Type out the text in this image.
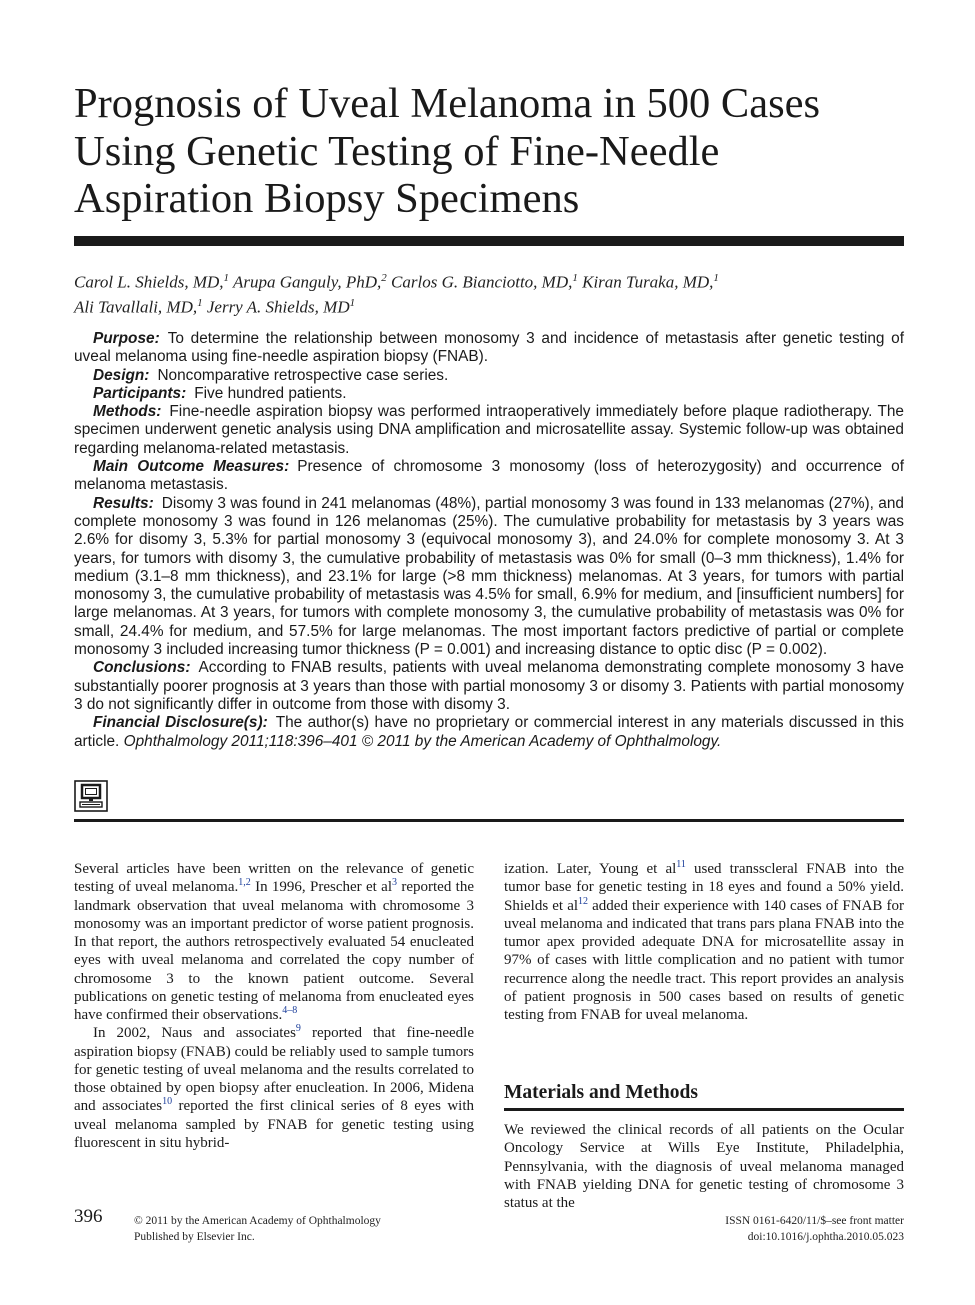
Prognosis of Uveal Melanoma in 500 Cases
Using Genetic Testing of Fine-Needle
Aspiration Biopsy Specimens
Carol L. Shields, MD,$^1$ Arupa Ganguly, PhD,$^2$ Carlos G. Bianciotto, MD,$^1$ Kiran Turaka, MD,$^1$
Ali Tavallali, MD,$^1$ Jerry A. Shields, $MD^1$

Purpose: To determine the relationship between monosomy 3 and incidence of metastasis after genetic testing of uveal melanoma using fine-needle aspiration biopsy (FNAB).

Design: Noncomparative retrospective case series.

Participants: Five hundred patients.

Methods: Fine-needle aspiration biopsy was performed intraoperatively immediately before plaque radiotherapy. The specimen underwent genetic analysis using DNA amplification and microsatellite assay. Systemic follow-up was obtained regarding melanoma-related metastasis.

Main Outcome Measures: Presence of chromosome 3 monosomy (loss of heterozygosity) and occurrence of melanoma metastasis.

Results: Disomy 3 was found in 241 melanomas (48%), partial monosomy 3 was found in 133 melanomas (27%), and complete monosomy 3 was found in 126 melanomas (25%). The cumulative probability for metastasis by 3 years was 2.6% for disomy 3, 5.3% for partial monosomy 3 (equivocal monosomy 3), and 24.0% for complete monosomy 3. At 3 years, for tumors with disomy 3, the cumulative probability of metastasis was 0% for small (0–3 mm thickness), 1.4% for medium (3.1–8 mm thickness), and 23.1% for large (>8 mm thickness) melanomas. At 3 years, for tumors with partial monosomy 3, the cumulative probability of metastasis was 4.5% for small, 6.9% for medium, and [insufficient numbers] for large melanomas. At 3 years, for tumors with complete monosomy 3, the cumulative probability of metastasis was 0% for small, 24.4% for medium, and 57.5% for large melanomas. The most important factors predictive of partial or complete monosomy 3 included increasing tumor thickness (P = 0.001) and increasing distance to optic disc (P = 0.002).

Conclusions: According to FNAB results, patients with uveal melanoma demonstrating complete monosomy 3 have substantially poorer prognosis at 3 years than those with partial monosomy 3 or disomy 3. Patients with partial monosomy 3 do not significantly differ in outcome from those with disomy 3.

Financial Disclosure(s): The author(s) have no proprietary or commercial interest in any materials discussed in this article. Ophthalmology 2011;118:396–401 © 2011 by the American Academy of Ophthalmology.

Several articles have been written on the relevance of genetic testing of uveal melanoma.$^{1,2}$ In 1996, Prescher et $al^3$ reported the landmark observation that uveal melanoma with chromosome 3 monosomy was an important predictor of worse patient prognosis. In that report, the authors retrospectively evaluated 54 enucleated eyes with uveal melanoma and correlated the copy number of chromosome 3 to the known patient outcome. Several publications on genetic testing of melanoma from enucleated eyes have confirmed their observations.$^{4-8}$

In 2002, Naus and associates$^9$ reported that fine-needle aspiration biopsy (FNAB) could be reliably used to sample tumors for genetic testing of uveal melanoma and the results correlated to those obtained by open biopsy after enucleation. In 2006, Midena and associates$^{10}$ reported the first clinical series of 8 eyes with uveal melanoma sampled by FNAB for genetic testing using fluorescent in situ hybrid-

ization. Later, Young et $al^{11}$ used transscleral FNAB into the tumor base for genetic testing in 18 eyes and found a 50% yield. Shields et $al^{12}$ added their experience with 140 cases of FNAB for uveal melanoma and indicated that trans pars plana FNAB into the tumor apex provided adequate DNA for microsatellite assay in 97% of cases with little complication and no patient with tumor recurrence along the needle tract. This report provides an analysis of patient prognosis in 500 cases based on results of genetic testing from FNAB for uveal melanoma.

Materials and Methods

We reviewed the clinical records of all patients on the Ocular Oncology Service at Wills Eye Institute, Philadelphia, Pennsylvania, with the diagnosis of uveal melanoma managed with FNAB yielding DNA for genetic testing of chromosome 3 status at the

396	© 2011 by the American Academy of Ophthalmology
Published by Elsevier Inc.
ISSN 0161-6420/11/$–see front matter
doi:10.1016/j.ophtha.2010.05.023
